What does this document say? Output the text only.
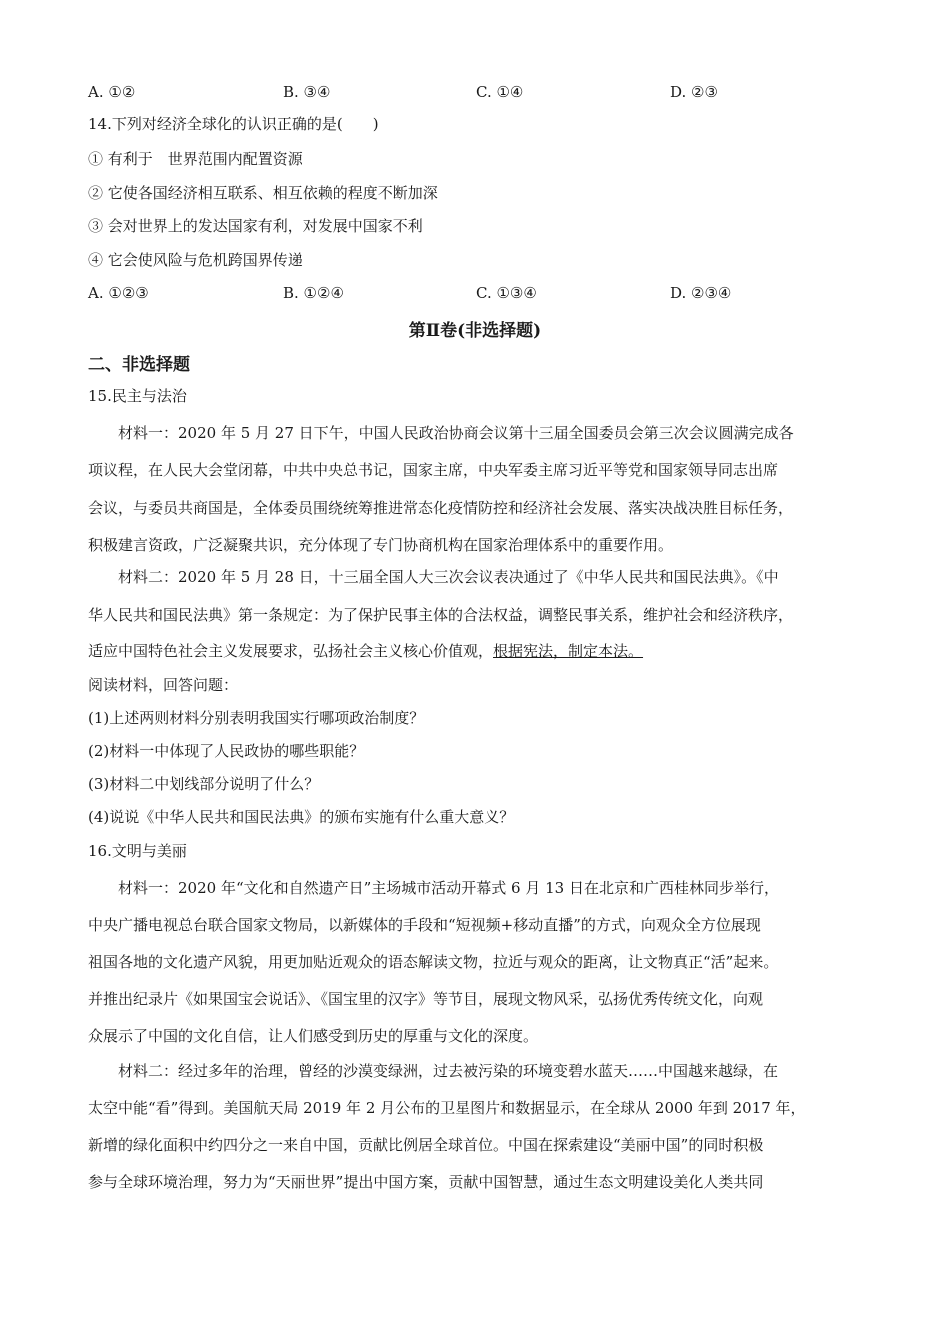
A. ①②	B. ③④	C. ①④	D. ②③
14.下列对经济全球化的认识正确的是(　　)
① 有利于　世界范围内配置资源
② 它使各国经济相互联系、相互依赖的程度不断加深
③ 会对世界上的发达国家有利，对发展中国家不利
④ 它会使风险与危机跨国界传递
A. ①②③	B. ①②④	C. ①③④	D. ②③④
第Ⅱ卷(非选择题)
二、非选择题
15.民主与法治
材料一：2020 年 5 月 27 日下午，中国人民政治协商会议第十三届全国委员会第三次会议圆满完成各
项议程，在人民大会堂闭幕，中共中央总书记，国家主席，中央军委主席习近平等党和国家领导同志出席
会议，与委员共商国是，全体委员围绕统筹推进常态化疫情防控和经济社会发展、落实决战决胜目标任务，
积极建言资政，广泛凝聚共识，充分体现了专门协商机构在国家治理体系中的重要作用。
材料二：2020 年 5 月 28 日，十三届全国人大三次会议表决通过了《中华人民共和国民法典》。《中
华人民共和国民法典》第一条规定：为了保护民事主体的合法权益，调整民事关系，维护社会和经济秩序，
适应中国特色社会主义发展要求，弘扬社会主义核心价值观，根据宪法，制定本法。
阅读材料，回答问题：
(1)上述两则材料分别表明我国实行哪项政治制度？
(2)材料一中体现了人民政协的哪些职能？
(3)材料二中划线部分说明了什么？
(4)说说《中华人民共和国民法典》的颁布实施有什么重大意义？
16.文明与美丽
材料一：2020 年“文化和自然遗产日”主场城市活动开幕式 6 月 13 日在北京和广西桂林同步举行，
中央广播电视总台联合国家文物局，以新媒体的手段和“短视频+移动直播”的方式，向观众全方位展现
祖国各地的文化遗产风貌，用更加贴近观众的语态解读文物，拉近与观众的距离，让文物真正“活”起来。
并推出纪录片《如果国宝会说话》、《国宝里的汉字》等节目，展现文物风采，弘扬优秀传统文化，向观
众展示了中国的文化自信，让人们感受到历史的厚重与文化的深度。
材料二：经过多年的治理，曾经的沙漠变绿洲，过去被污染的环境变碧水蓝天……中国越来越绿，在
太空中能“看”得到。美国航天局 2019 年 2 月公布的卫星图片和数据显示，在全球从 2000 年到 2017 年，
新增的绿化面积中约四分之一来自中国，贡献比例居全球首位。中国在探索建设“美丽中国”的同时积极
参与全球环境治理，努力为“天丽世界”提出中国方案，贡献中国智慧，通过生态文明建设美化人类共同
